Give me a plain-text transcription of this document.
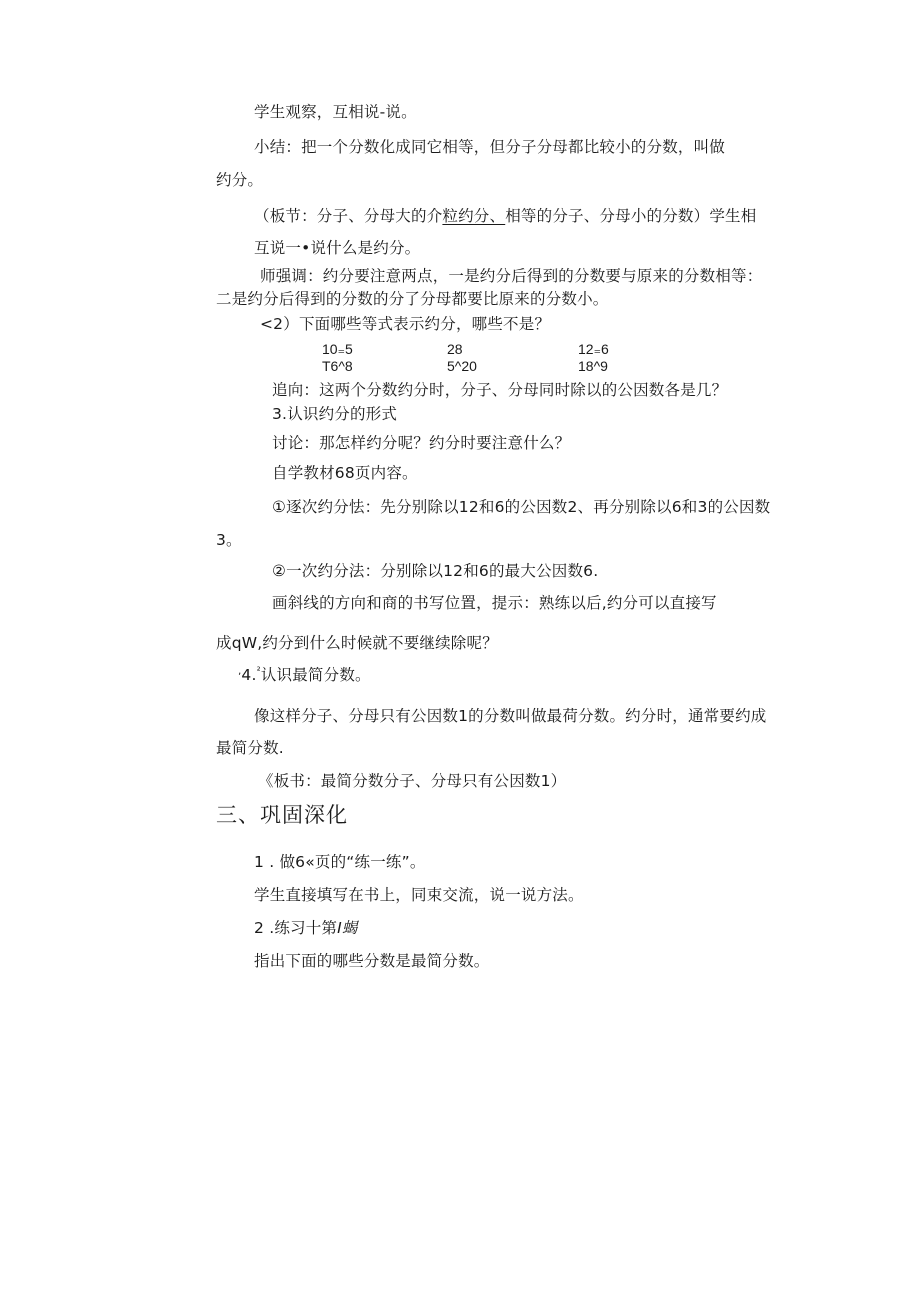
学生观察，互相说-说。
小结：把一个分数化成同它相等，但分子分母都比较小的分数，叫做
约分。
（板节：分子、分母大的介粒约分、相等的分子、分母小的分数）学生相
互说一•说什么是约分。
师强调：约分要注意两点，一是约分后得到的分数要与原来的分数相等：
二是约分后得到的分数的分了分母都要比原来的分数小。
<2）下面哪些等式表示约分，哪些不是？
10₌5
T6^8
28
5^20
12₌6
18^9
追向：这两个分数约分时，分子、分母同时除以的公因数各是几？
3.认识约分的形式
讨论：那怎样约分呢？约分时要注意什么？
自学教材68页内容。
①逐次约分怯：先分别除以12和6的公因数2、再分别除以6和3的公因数
3。
②一次约分法：分别除以12和6的最大公因数6.
画斜线的方向和商的书写位置，提示：熟练以后,约分可以直接写
成qW,约分到什么时候就不要继续除呢？
‚4.$^{^2}$认识最简分数。
像这样分子、分母只有公因数1的分数叫做最荷分数。约分时，通常要约成
最简分数.
《板书：最简分数分子、分母只有公因数1）
三、巩固深化
1 . 做6«页的“练一练”。
学生直接填写在书上，同束交流，说一说方法。
2 .练习十第I蝎
指出下面的哪些分数是最简分数。
